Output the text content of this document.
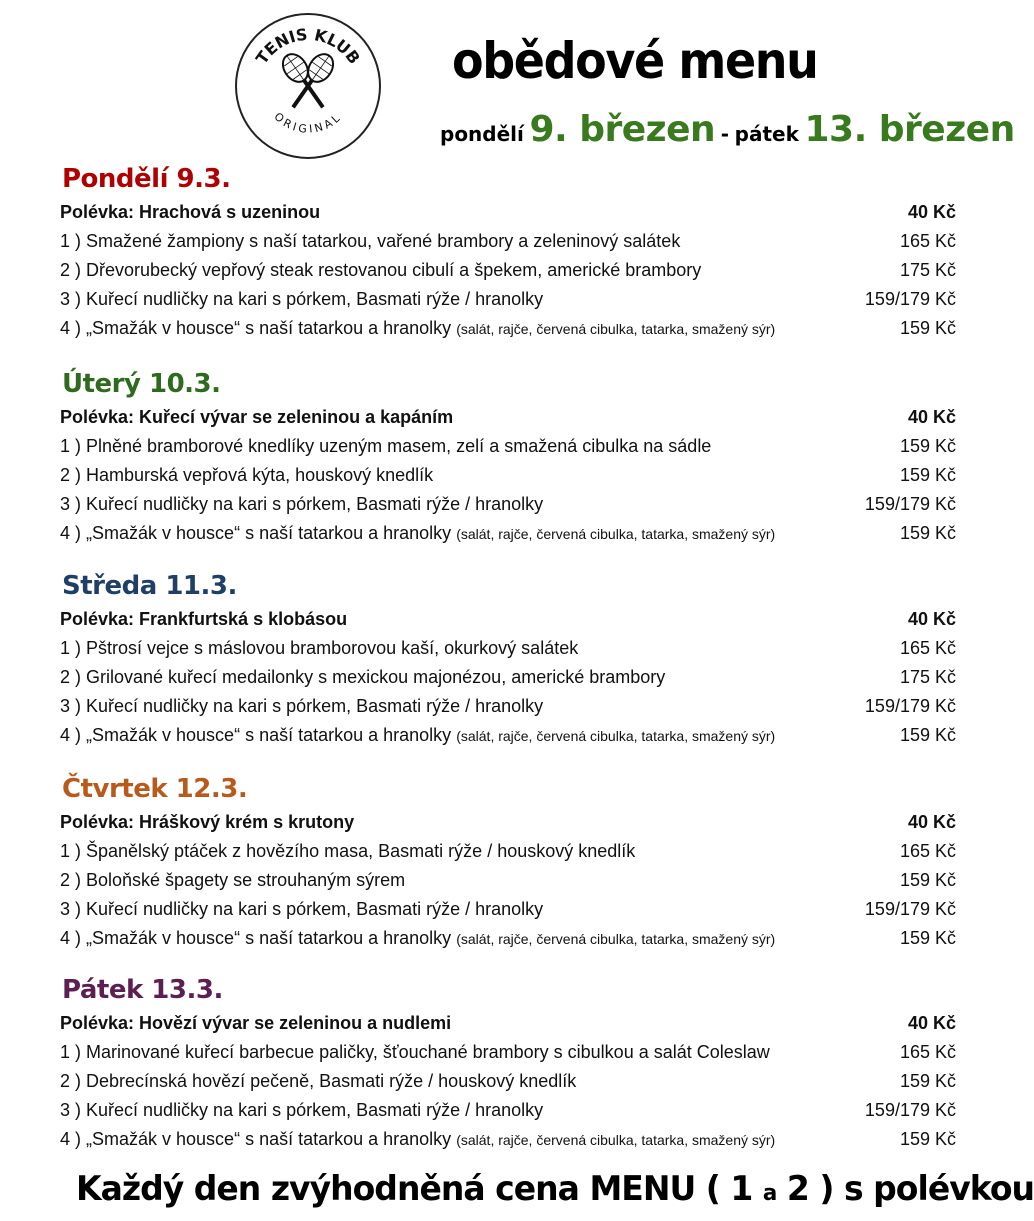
TENIS KLUB
ORIGINAL
obědové menu
pondělí 9. březen - pátek 13. březen
Pondělí 9.3.
Polévka: Hrachová s uzeninou	40 Kč
1 ) Smažené žampiony s naší tatarkou, vařené brambory a zeleninový salátek	165 Kč
2 ) Dřevorubecký vepřový steak restovanou cibulí a špekem, americké brambory	175 Kč
3 ) Kuřecí nudličky na kari s pórkem, Basmati rýže / hranolky	159/179 Kč
4 ) „Smažák v housce“ s naší tatarkou a hranolky (salát, rajče, červená cibulka, tatarka, smažený sýr)	159 Kč
Úterý 10.3.
Polévka: Kuřecí vývar se zeleninou a kapáním	40 Kč
1 ) Plněné bramborové knedlíky uzeným masem, zelí a smažená cibulka na sádle	159 Kč
2 ) Hamburská vepřová kýta, houskový knedlík	159 Kč
3 ) Kuřecí nudličky na kari s pórkem, Basmati rýže / hranolky	159/179 Kč
4 ) „Smažák v housce“ s naší tatarkou a hranolky (salát, rajče, červená cibulka, tatarka, smažený sýr)	159 Kč
Středa 11.3.
Polévka: Frankfurtská s klobásou	40 Kč
1 ) Pštrosí vejce s máslovou bramborovou kaší, okurkový salátek	165 Kč
2 ) Grilované kuřecí medailonky s mexickou majonézou, americké brambory	175 Kč
3 ) Kuřecí nudličky na kari s pórkem, Basmati rýže / hranolky	159/179 Kč
4 ) „Smažák v housce“ s naší tatarkou a hranolky (salát, rajče, červená cibulka, tatarka, smažený sýr)	159 Kč
Čtvrtek 12.3.
Polévka: Hráškový krém s krutony	40 Kč
1 ) Španělský ptáček z hovězího masa, Basmati rýže / houskový knedlík	165 Kč
2 ) Boloňské špagety se strouhaným sýrem	159 Kč
3 ) Kuřecí nudličky na kari s pórkem, Basmati rýže / hranolky	159/179 Kč
4 ) „Smažák v housce“ s naší tatarkou a hranolky (salát, rajče, červená cibulka, tatarka, smažený sýr)	159 Kč
Pátek 13.3.
Polévka: Hovězí vývar se zeleninou a nudlemi	40 Kč
1 ) Marinované kuřecí barbecue paličky, šťouchané brambory s cibulkou a salát Coleslaw	165 Kč
2 ) Debrecínská hovězí pečeně, Basmati rýže / houskový knedlík	159 Kč
3 ) Kuřecí nudličky na kari s pórkem, Basmati rýže / hranolky	159/179 Kč
4 ) „Smažák v housce“ s naší tatarkou a hranolky (salát, rajče, červená cibulka, tatarka, smažený sýr)	159 Kč
Každý den zvýhodněná cena MENU ( 1 a 2 ) s polévkou
